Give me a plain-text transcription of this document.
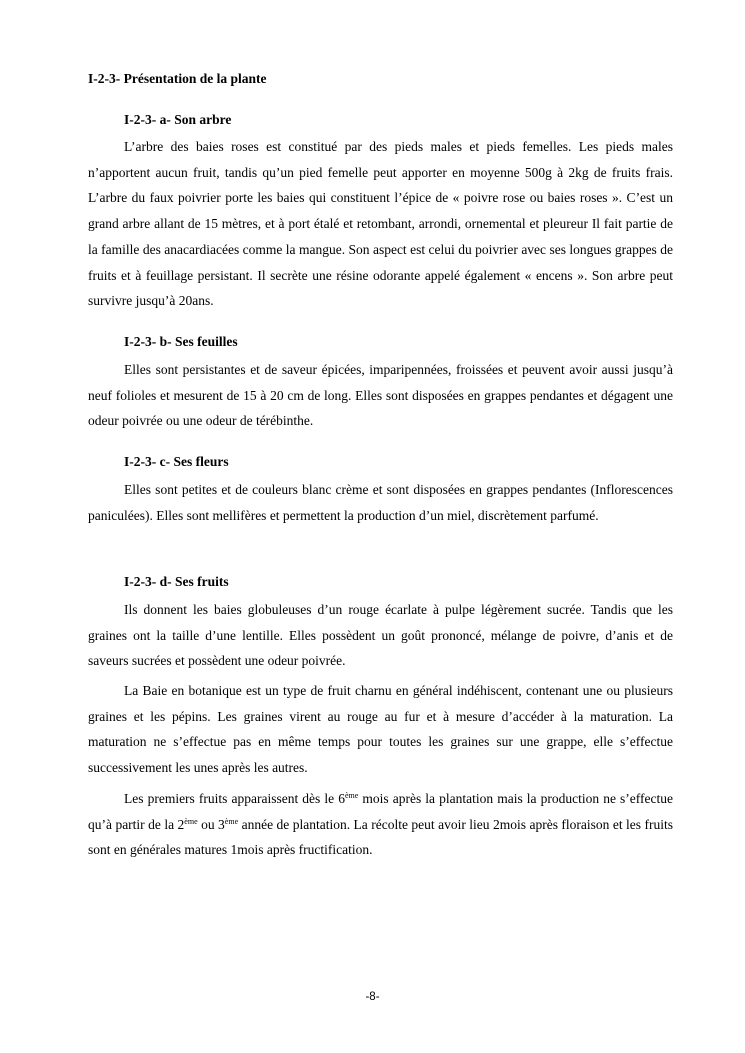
I-2-3- Présentation de la plante
I-2-3- a- Son arbre

L’arbre des baies roses est constitué par des pieds males et pieds femelles. Les pieds males n’apportent aucun fruit, tandis qu’un pied femelle peut apporter en moyenne 500g à 2kg de fruits frais. L’arbre du faux poivrier porte les baies qui constituent l’épice de « poivre rose ou baies roses ». C’est un grand arbre allant de 15 mètres, et à port étalé et retombant, arrondi, ornemental et pleureur Il fait partie de la famille des anacardiacées comme la mangue. Son aspect est celui du poivrier avec ses longues grappes de fruits et à feuillage persistant. Il secrète une résine odorante appelé également « encens ». Son arbre peut survivre jusqu’à 20ans.

I-2-3- b- Ses feuilles

Elles sont persistantes et de saveur épicées, imparipennées, froissées et peuvent avoir aussi jusqu’à neuf folioles et mesurent de 15 à 20 cm de long. Elles sont disposées en grappes pendantes et dégagent une odeur poivrée ou une odeur de térébinthe.

I-2-3- c- Ses fleurs

Elles sont petites et de couleurs blanc crème et sont disposées en grappes pendantes (Inflorescences paniculées). Elles sont mellifères et permettent la production d’un miel, discrètement parfumé.

I-2-3- d- Ses fruits

Ils donnent les baies globuleuses d’un rouge écarlate à pulpe légèrement sucrée. Tandis que les graines ont la taille d’une lentille. Elles possèdent un goût prononcé, mélange de poivre, d’anis et de saveurs sucrées et possèdent une odeur poivrée.

La Baie en botanique est un type de fruit charnu en général indéhiscent, contenant une ou plusieurs graines et les pépins. Les graines virent au rouge au fur et à mesure d’accéder à la maturation. La maturation ne s’effectue pas en même temps pour toutes les graines sur une grappe, elle s’effectue successivement les unes après les autres.

Les premiers fruits apparaissent dès le 6ème mois après la plantation mais la production ne s’effectue qu’à partir de la 2ème ou 3ème année de plantation. La récolte peut avoir lieu 2mois après floraison et les fruits sont en générales matures 1mois après fructification.

-8-
